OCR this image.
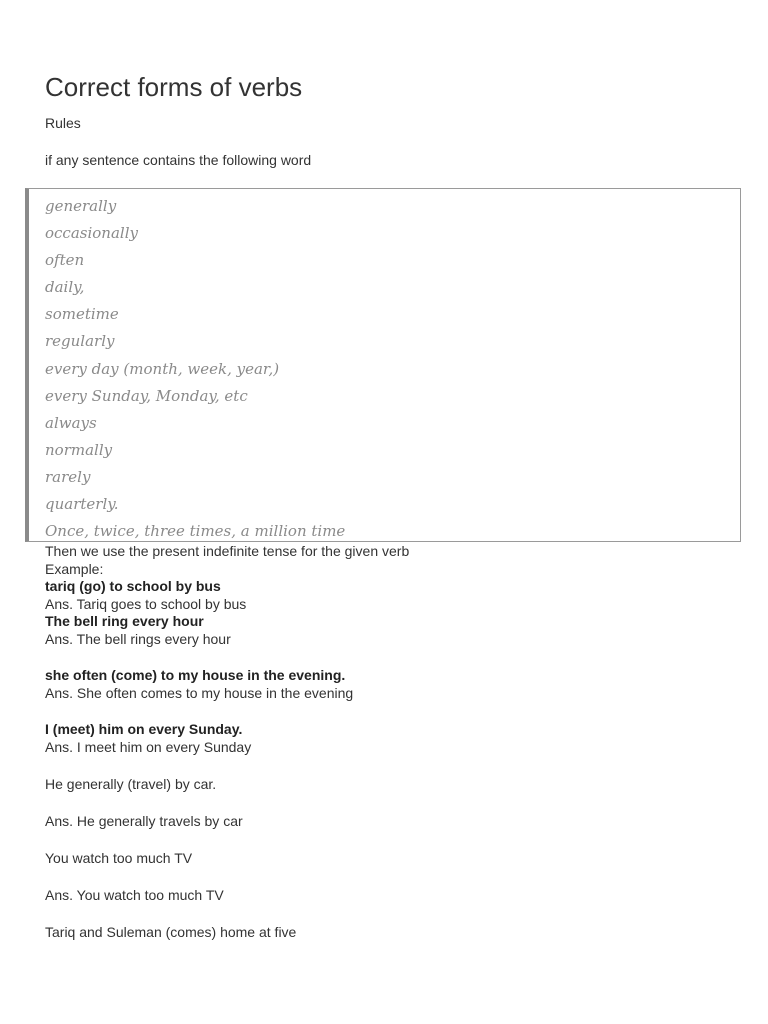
Correct forms of verbs
Rules
if any sentence contains the following word
generally
occasionally
often
daily,
sometime
regularly
every day (month, week, year,)
every Sunday, Monday, etc
always
normally
rarely
quarterly.
Once, twice, three times, a million time
Then we use the present indefinite tense for the given verb
Example:
tariq (go) to school by bus
Ans. Tariq goes to school by bus
The bell ring every hour
Ans. The bell rings every hour
she often (come) to my house in the evening.
Ans. She often comes to my house in the evening
I (meet) him on every Sunday.
Ans. I meet him on every Sunday
He generally (travel) by car.
Ans. He generally travels by car
You watch too much TV
Ans. You watch too much TV
Tariq and Suleman (comes) home at five
